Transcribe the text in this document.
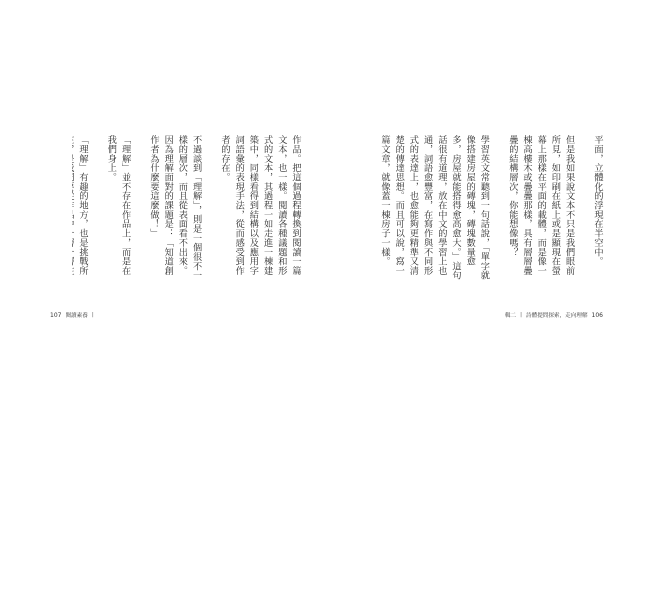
作品。把這個過程轉換到閱讀一篇文本，也一樣。閱讀各種議題和形式的文本，其過程一如走進一棟建築中，同樣看得到結構以及應用字詞語彙的表現手法，從而感受到作者的存在。

不過談到「理解」，則是一個很不一樣的層次，而且從表面看不出來。因為理解面對的課題是：「知道創作者為什麼要這麼做！」

「理解」並不存在作品上，而是在我們身上。

「理解」有趣的地方，也是挑戰所

107 閱讀素養 |

平面，立體化的浮現在半空中。

但是我如果說文本不只是我們眼前所見，如印刷在紙上或是顯現在螢幕上那樣在平面的載體，而是像一棟高樓木或疊疊那樣，具有層層疊疊的結構層次，你能想像嗎？

學習英文常聽到一句話說，「單字就像搭建房屋的磚塊，磚塊數量愈多，房屋就能搭得愈高愈大。」這句話很有道理，放在中文的學習上也通，詞語愈豐富，在寫作與不同形式的表達上，也愈能夠更精準又清楚的傳達思想。而且可以說，寫一篇文章，就像蓋一棟房子一樣。

輯二 | 詩體提問探索，走向理解 106
